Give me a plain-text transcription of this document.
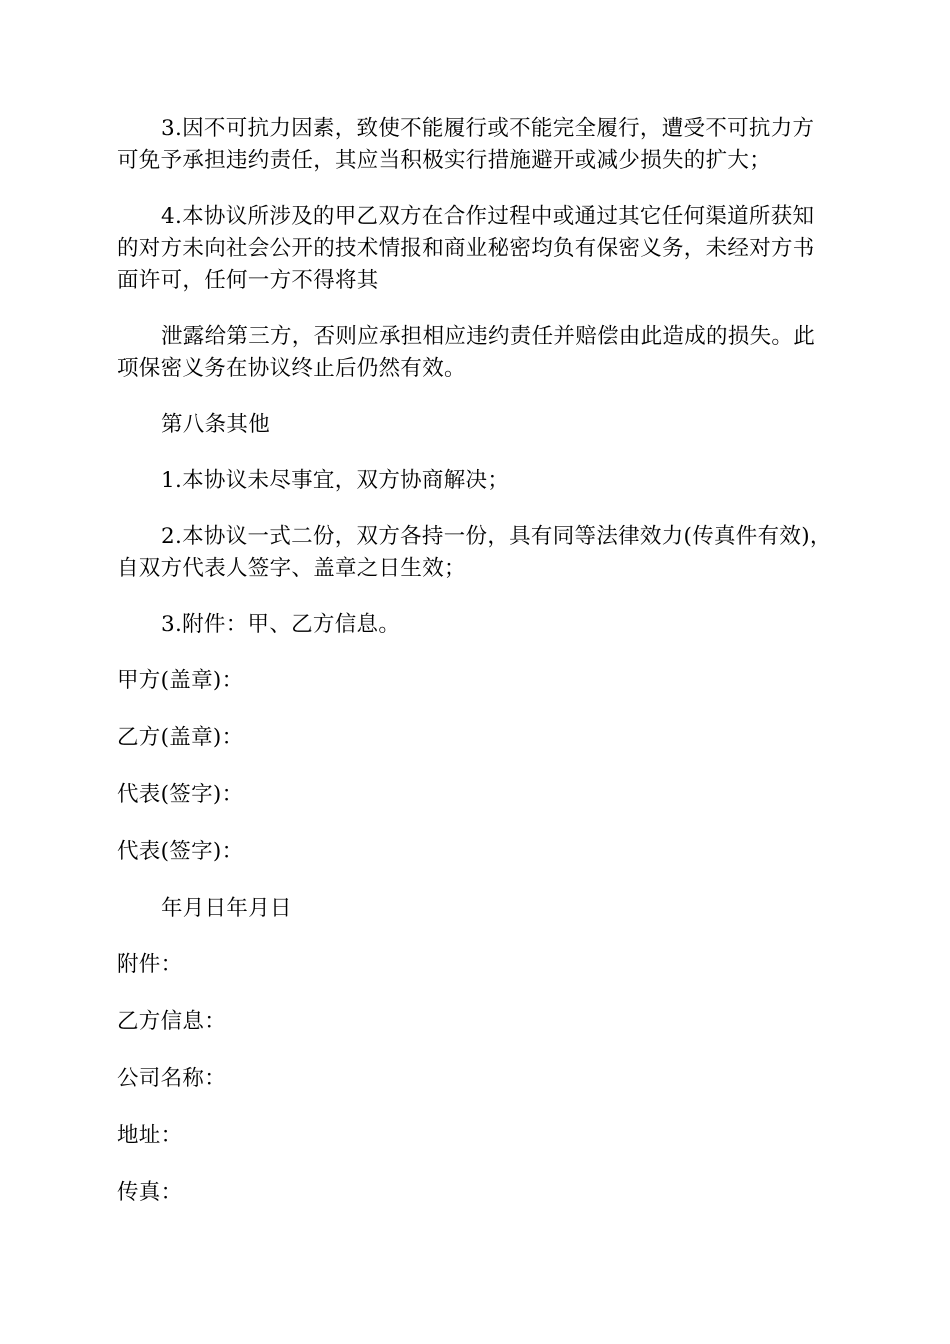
3.因不可抗力因素，致使不能履行或不能完全履行，遭受不可抗力方可免予承担违约责任，其应当积极实行措施避开或减少损失的扩大；

4.本协议所涉及的甲乙双方在合作过程中或通过其它任何渠道所获知的对方未向社会公开的技术情报和商业秘密均负有保密义务，未经对方书面许可，任何一方不得将其

泄露给第三方，否则应承担相应违约责任并赔偿由此造成的损失。此项保密义务在协议终止后仍然有效。

第八条其他

1.本协议未尽事宜，双方协商解决；

2.本协议一式二份，双方各持一份，具有同等法律效力(传真件有效)，自双方代表人签字、盖章之日生效；

3.附件：甲、乙方信息。

甲方(盖章)：

乙方(盖章)：

代表(签字)：

代表(签字)：

年月日年月日

附件：

乙方信息：

公司名称：

地址：

传真：
